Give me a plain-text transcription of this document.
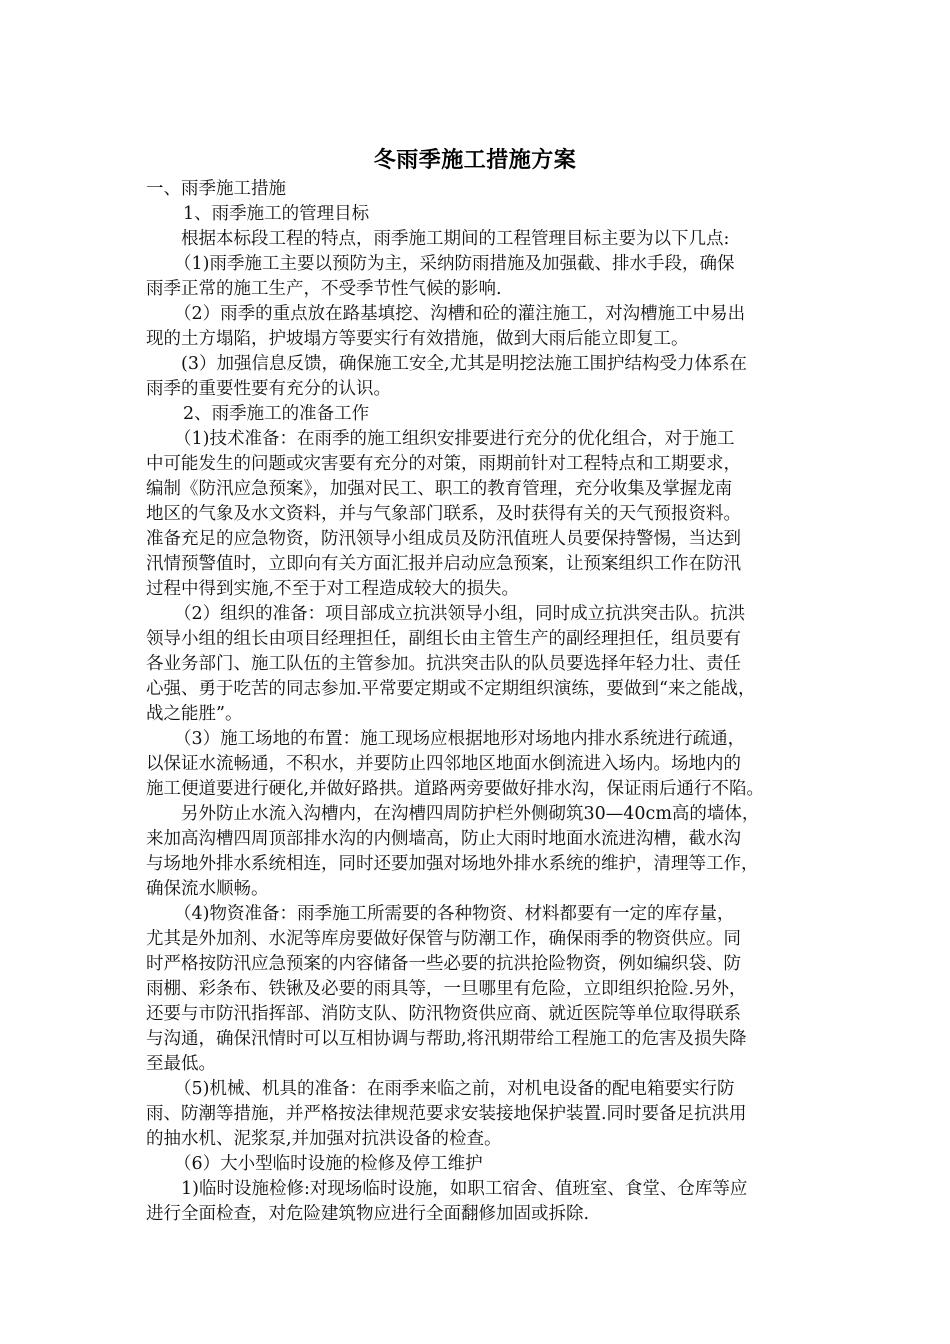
冬雨季施工措施方案
一、雨季施工措施
1、雨季施工的管理目标
根据本标段工程的特点，雨季施工期间的工程管理目标主要为以下几点:
（1)雨季施工主要以预防为主，采纳防雨措施及加强截、排水手段，确保
雨季正常的施工生产，不受季节性气候的影响.
（2）雨季的重点放在路基填挖、沟槽和砼的灌注施工，对沟槽施工中易出
现的土方塌陷，护坡塌方等要实行有效措施，做到大雨后能立即复工。
(3）加强信息反馈，确保施工安全,尤其是明挖法施工围护结构受力体系在
雨季的重要性要有充分的认识。
2、雨季施工的准备工作
（1)技术准备：在雨季的施工组织安排要进行充分的优化组合，对于施工
中可能发生的问题或灾害要有充分的对策，雨期前针对工程特点和工期要求，
编制《防汛应急预案》，加强对民工、职工的教育管理，充分收集及掌握龙南
地区的气象及水文资料，并与气象部门联系，及时获得有关的天气预报资料。
准备充足的应急物资，防汛领导小组成员及防汛值班人员要保持警惕，当达到
汛情预警值时，立即向有关方面汇报并启动应急预案，让预案组织工作在防汛
过程中得到实施,不至于对工程造成较大的损失。
（2）组织的准备：项目部成立抗洪领导小组，同时成立抗洪突击队。抗洪
领导小组的组长由项目经理担任，副组长由主管生产的副经理担任，组员要有
各业务部门、施工队伍的主管参加。抗洪突击队的队员要选择年轻力壮、责任
心强、勇于吃苦的同志参加.平常要定期或不定期组织演练，要做到“来之能战，
战之能胜”。
（3）施工场地的布置：施工现场应根据地形对场地内排水系统进行疏通，
以保证水流畅通，不积水，并要防止四邻地区地面水倒流进入场内。场地内的
施工便道要进行硬化,并做好路拱。道路两旁要做好排水沟，保证雨后通行不陷。
另外防止水流入沟槽内，在沟槽四周防护栏外侧砌筑30—40cm高的墙体，
来加高沟槽四周顶部排水沟的内侧墙高，防止大雨时地面水流进沟槽，截水沟
与场地外排水系统相连，同时还要加强对场地外排水系统的维护，清理等工作，
确保流水顺畅。
（4)物资准备：雨季施工所需要的各种物资、材料都要有一定的库存量，
尤其是外加剂、水泥等库房要做好保管与防潮工作，确保雨季的物资供应。同
时严格按防汛应急预案的内容储备一些必要的抗洪抢险物资，例如编织袋、防
雨棚、彩条布、铁锹及必要的雨具等，一旦哪里有危险，立即组织抢险.另外，
还要与市防汛指挥部、消防支队、防汛物资供应商、就近医院等单位取得联系
与沟通，确保汛情时可以互相协调与帮助,将汛期带给工程施工的危害及损失降
至最低。
（5)机械、机具的准备：在雨季来临之前，对机电设备的配电箱要实行防
雨、防潮等措施，并严格按法律规范要求安装接地保护装置.同时要备足抗洪用
的抽水机、泥浆泵,并加强对抗洪设备的检查。
（6）大小型临时设施的检修及停工维护
1)临时设施检修:对现场临时设施，如职工宿舍、值班室、食堂、仓库等应
进行全面检查，对危险建筑物应进行全面翻修加固或拆除.
